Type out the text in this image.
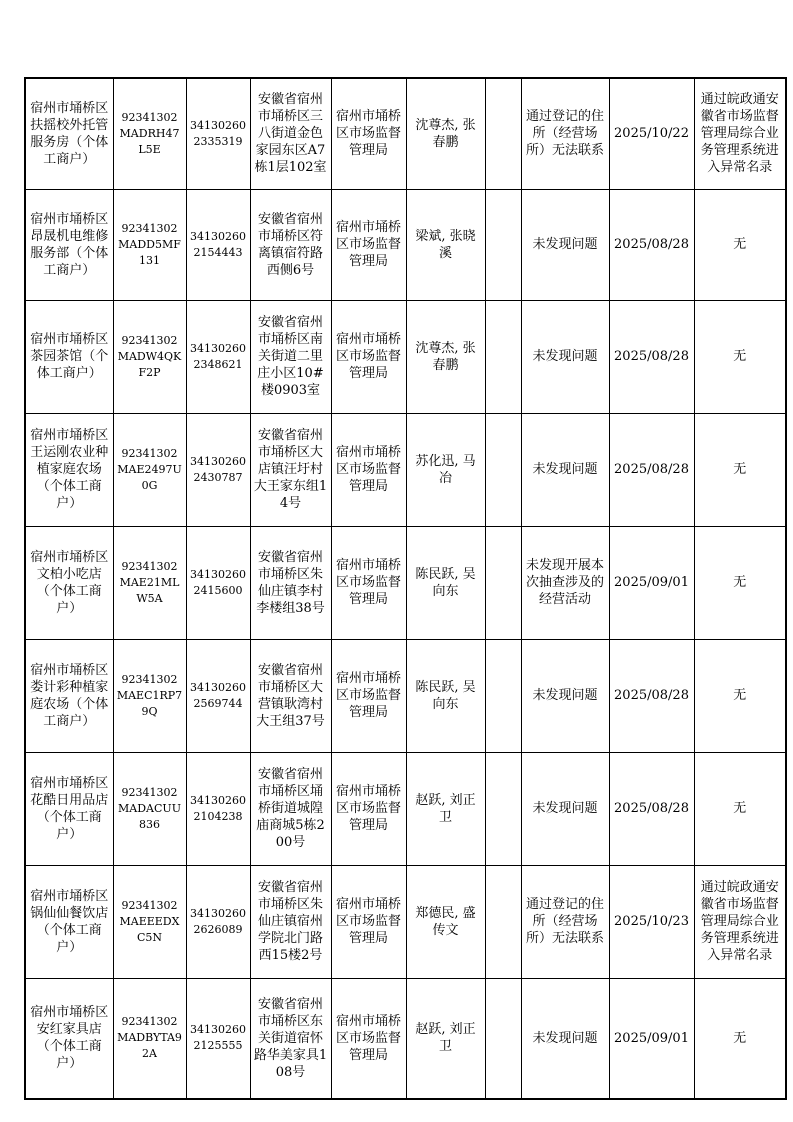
宿州市埇桥区扶摇校外托管服务房（个体工商户）	92341302MADRH47L5E	341302602335319	安徽省宿州市埇桥区三八街道金色家园东区A7栋1层102室	宿州市埇桥区市场监督管理局	沈尊杰, 张春鹏		通过登记的住所（经营场所）无法联系	2025/10/22	通过皖政通安徽省市场监督管理局综合业务管理系统进入异常名录
宿州市埇桥区昂晟机电维修服务部（个体工商户）	92341302MADD5MF131	341302602154443	安徽省宿州市埇桥区符离镇宿符路西侧6号	宿州市埇桥区市场监督管理局	梁斌, 张晓溪		未发现问题	2025/08/28	无
宿州市埇桥区茶园茶馆（个体工商户）	92341302MADW4QKF2P	341302602348621	安徽省宿州市埇桥区南关街道二里庄小区10#楼0903室	宿州市埇桥区市场监督管理局	沈尊杰, 张春鹏		未发现问题	2025/08/28	无
宿州市埇桥区王运刚农业种植家庭农场（个体工商户）	92341302MAE2497U0G	341302602430787	安徽省宿州市埇桥区大店镇汪圩村大王家东组14号	宿州市埇桥区市场监督管理局	苏化迅, 马冶		未发现问题	2025/08/28	无
宿州市埇桥区文柏小吃店（个体工商户）	92341302MAE21MLW5A	341302602415600	安徽省宿州市埇桥区朱仙庄镇李村李楼组38号	宿州市埇桥区市场监督管理局	陈民跃, 吴向东		未发现开展本次抽查涉及的经营活动	2025/09/01	无
宿州市埇桥区娄计彩种植家庭农场（个体工商户）	92341302MAEC1RP79Q	341302602569744	安徽省宿州市埇桥区大营镇耿湾村大王组37号	宿州市埇桥区市场监督管理局	陈民跃, 吴向东		未发现问题	2025/08/28	无
宿州市埇桥区花酷日用品店（个体工商户）	92341302MADACUU836	341302602104238	安徽省宿州市埇桥区埇桥街道城隍庙商城5栋200号	宿州市埇桥区市场监督管理局	赵跃, 刘正卫		未发现问题	2025/08/28	无
宿州市埇桥区锅仙仙餐饮店（个体工商户）	92341302MAEEEDXC5N	341302602626089	安徽省宿州市埇桥区朱仙庄镇宿州学院北门路西15楼2号	宿州市埇桥区市场监督管理局	郑德民, 盛传文		通过登记的住所（经营场所）无法联系	2025/10/23	通过皖政通安徽省市场监督管理局综合业务管理系统进入异常名录
宿州市埇桥区安红家具店（个体工商户）	92341302MADBYTA92A	341302602125555	安徽省宿州市埇桥区东关街道宿怀路华美家具108号	宿州市埇桥区市场监督管理局	赵跃, 刘正卫		未发现问题	2025/09/01	无
